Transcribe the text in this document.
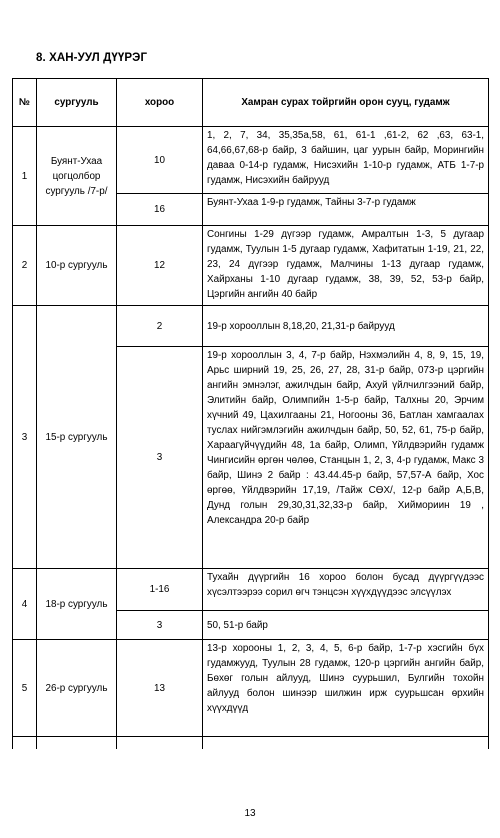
8. ХАН-УУЛ ДҮҮРЭГ
№	сургууль	хороо	Хамран сурах тойргийн орон сууц, гудамж
1	Буянт-Ухаа цогцолбор сургууль /7-р/	10	1, 2, 7, 34, 35,35а,58, 61, 61-1 ,61-2, 62 ,63, 63-1, 64,66,67,68-р байр, 3 байшин, цаг уурын байр, Морингийн даваа 0-14-р гудамж, Нисэхийн 1-10-р гудамж, АТБ 1-7-р гудамж, Нисэхийн байрууд
		16	Буянт-Ухаа 1-9-р гудамж, Тайны 3-7-р гудамж
2	10-р сургууль	12	Сонгины 1-29 дүгээр гудамж, Амралтын 1-3, 5 дугаар гудамж, Туулын 1-5 дугаар гудамж, Хафитатын 1-19, 21, 22, 23, 24 дүгээр гудамж, Малчины 1-13 дугаар гудамж, Хайрханы 1-10 дугаар гудамж, 38, 39, 52, 53-р байр, Цэргийн ангийн 40 байр
3	15-р сургууль	2	19-р хорооллын 8,18,20, 21,31-р байрууд
		3	19-р хорооллын 3, 4, 7-р байр, Нэхмэлийн 4, 8, 9, 15, 19, Арьс ширний 19, 25, 26, 27, 28, 31-р байр, 073-р цэргийн ангийн эмнэлэг, ажилчдын байр, Ахуй үйлчилгээний байр, Элитийн байр, Олимпийн 1-5-р байр, Талхны 20, Эрчим хүчний 49, Цахилгааны 21, Ногооны 36, Батлан хамгаалах туслах нийгэмлэгийн ажилчдын байр, 50, 52, 61, 75-р байр, Хараагүйчүүдийн 48, 1а байр, Олимп, Үйлдвэрийн гудамж Чингисийн өргөн чөлөө, Станцын 1, 2, 3, 4-р гудамж, Макс 3 байр, Шинэ 2 байр : 43.44.45-р байр, 57,57-А байр, Хос өргөө, Үйлдвэрийн 17,19, /Тайж СӨХ/, 12-р байр А,Б,В, Дунд голын 29,30,31,32,33-р байр, Хиймориин 19 , Александра 20-р байр
4	18-р сургууль	1-16	Тухайн дүүргийн 16 хороо болон бусад дүүргүүдээс хүсэлтээрээ сорил өгч тэнцсэн хүүхдүүдээс элсүүлэх
		3	50, 51-р байр
5	26-р сургууль	13	13-р хорооны 1, 2, 3, 4, 5, 6-р байр, 1-7-р хэсгийн бүх гудамжууд, Туулын 28 гудамж, 120-р цэргийн ангийн байр, Бөхөг голын айлууд, Шинэ суурьшил, Булгийн тохойн айлууд болон шинээр шилжин ирж суурьшсан өрхийн хүүхдүүд

13
